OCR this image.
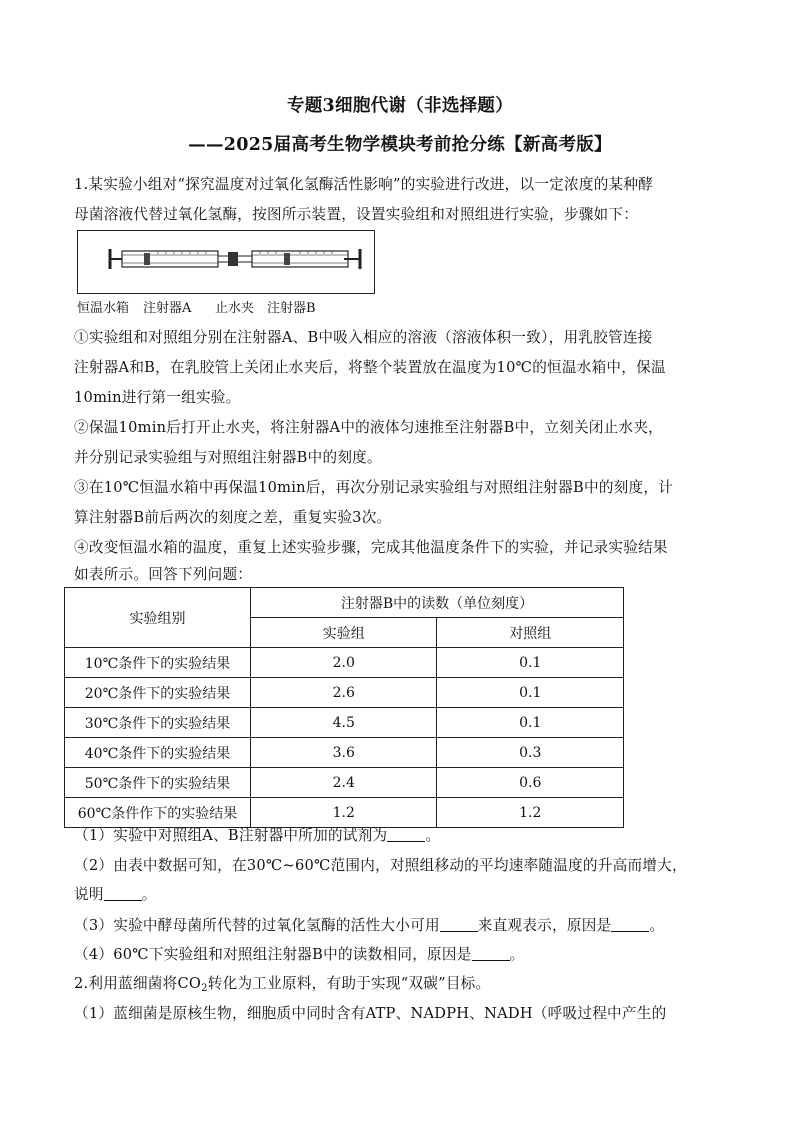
专题3细胞代谢（非选择题）
——2025届高考生物学模块考前抢分练【新高考版】
1.某实验小组对“探究温度对过氧化氢酶活性影响”的实验进行改进，以一定浓度的某种酵
母菌溶液代替过氧化氢酶，按图所示装置，设置实验组和对照组进行实验，步骤如下：
恒温水箱 注射器A 止水夹 注射器B
①实验组和对照组分别在注射器A、B中吸入相应的溶液（溶液体积一致），用乳胶管连接
注射器A和B，在乳胶管上关闭止水夹后，将整个装置放在温度为10℃的恒温水箱中，保温
10min进行第一组实验。
②保温10min后打开止水夹，将注射器A中的液体匀速推至注射器B中，立刻关闭止水夹，
并分别记录实验组与对照组注射器B中的刻度。
③在10℃恒温水箱中再保温10min后，再次分别记录实验组与对照组注射器B中的刻度，计
算注射器B前后两次的刻度之差，重复实验3次。
④改变恒温水箱的温度，重复上述实验步骤，完成其他温度条件下的实验，并记录实验结果
如表所示。回答下列问题：
实验组别	注射器B中的读数（单位刻度）	
	实验组	对照组
10℃条件下的实验结果	2.0	0.1
20℃条件下的实验结果	2.6	0.1
30℃条件下的实验结果	4.5	0.1
40℃条件下的实验结果	3.6	0.3
50℃条件下的实验结果	2.4	0.6
60℃条件作下的实验结果	1.2	1.2
（1）实验中对照组A、B注射器中所加的试剂为	。
（2）由表中数据可知，在30℃~60℃范围内，对照组移动的平均速率随温度的升高而增大，
说明	。
（3）实验中酵母菌所代替的过氧化氢酶的活性大小可用	来直观表示，原因是	。
（4）60℃下实验组和对照组注射器B中的读数相同，原因是	。
2.利用蓝细菌将$CO_2$转化为工业原料，有助于实现“双碳”目标。
（1）蓝细菌是原核生物，细胞质中同时含有ATP、NADPH、NADH（呼吸过程中产生的
